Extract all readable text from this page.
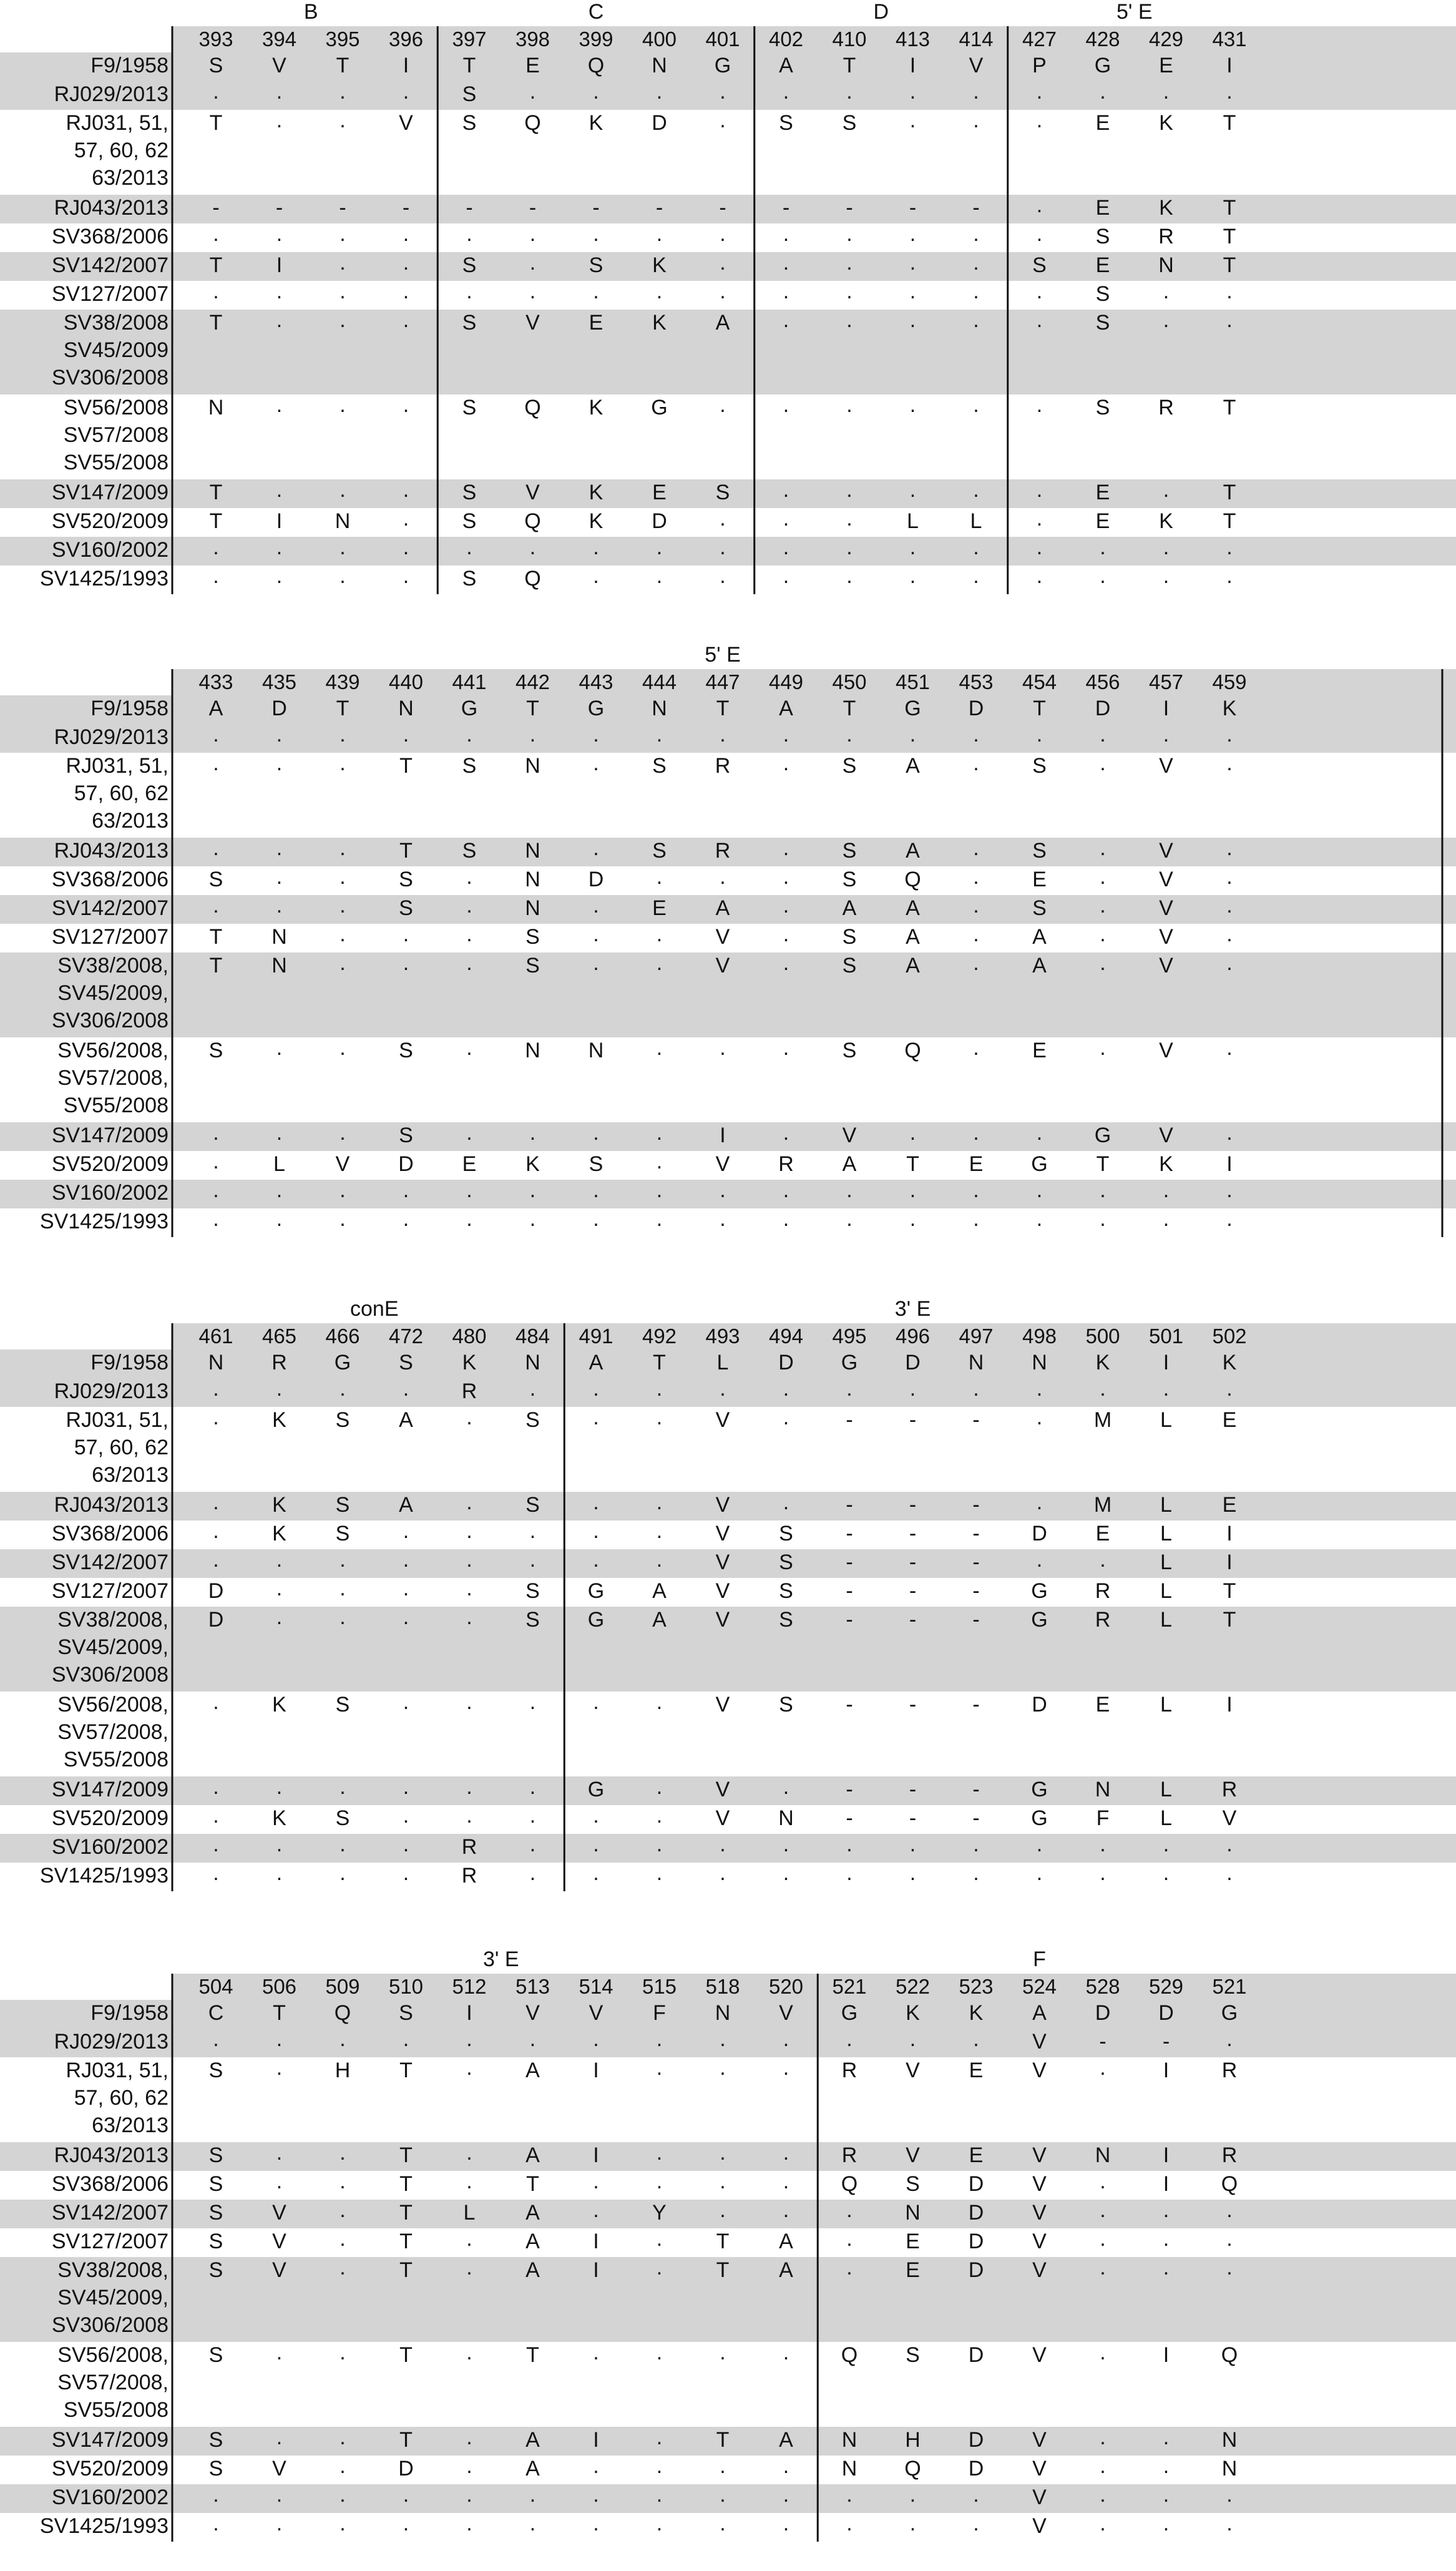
B	C	D	5' E
393 394 395 396 397 398 399 400 401 402 410 413 414 427 428 429 431
F9/1958 S V T	I	T E Q N G A T	I	V P G E	I
RJ029/2013 .	.	.	.	S	.	.	.	.	.	.	.	.	.	.	.	.
RJ031, 51,
57, 60, 62
63/2013
T	.	.	V S Q K D .	S S	.	.	.	E K T
RJ043/2013 -	-	-	-	-	-	-	-	-	-	-	-	-	.	E K T
SV368/2006 .	.	.	.	.	.	.	.	.	.	.	.	.	.	S R T
SV142/2007 T	I	.	.	S	.	S K	.	.	.	.	.	S E N T
SV127/2007 .	.	.	.	.	.	.	.	.	.	.	.	.	.	S	.	.
SV38/2008
SV45/2009
SV306/2008
T	.	.	.	S V E K A	.	.	.	.	.	S	.	.
SV56/2008
SV57/2008
SV55/2008
N .	.	.	S Q K G .	.	.	.	.	.	S R T
SV147/2009 T	.	.	.	S V K E S	.	.	.	.	.	E	.	T
SV520/2009 T	I N .	S Q K D .	.	.	L L	.	E K T
SV160/2002 .	.	.	.	.	.	.	.	.	.	.	.	.	.	.	.	.
SV1425/1993 .	.	.	.	S Q .	.	.	.	.	.	.	.	.	.	.
5' E
433 435 439 440 441 442 443 444 447 449 450 451 453 454 456 457 459
F9/1958 A D T N G T G N T A T G D T D I	K
RJ029/2013 .	.	.	.	.	.	.	.	.	.	.	.	.	.	.	.	.
RJ031, 51,
57, 60, 62
63/2013
.	.	.	T S N .	S R .	S A	.	S	.	V	.
RJ043/2013 .	.	.	T S N .	S R .	S A	.	S	.	V	.
SV368/2006 S	.	.	S	. N D .	.	.	S Q .	E	.	V	.
SV142/2007 .	.	.	S	. N .	E A	.	A A	.	S	.	V	.
SV127/2007 T N .	.	.	S	.	.	V	.	S A	.	A	.	V	.
SV38/2008,
SV45/2009,
SV306/2008
T N .	.	.	S	.	.	V	.	S A	.	A	.	V	.
SV56/2008,
SV57/2008,
SV55/2008
S	.	.	S	. N N .	.	.	S Q .	E	.	V	.
SV147/2009 .	.	.	S	.	.	.	.	I	.	V	.	.	. G V	.
SV520/2009 .	L V D E K S	.	V R A T E G T K	I
SV160/2002 .	.	.	.	.	.	.	.	.	.	.	.	.	.	.	.	.
SV1425/1993 .	.	.	.	.	.	.	.	.	.	.	.	.	.	.	.	.
conE	3' E
461 465 466 472 480 484 491 492 493 494 495 496 497 498 500 501 502
F9/1958 N R G S K N A T L D G D N N K	I	K
RJ029/2013 .	.	.	. R .	.	.	.	.	.	.	.	.	.	.	.
RJ031, 51,
57, 60, 62
63/2013
.	K S A	.	S	.	.	V	.	-	-	-	. M L E
RJ043/2013 .	K S A	.	S	.	.	V	.	-	-	-	. M L E
SV368/2006 .	K S	.	.	.	.	.	V S -	-	- D E L	I
SV142/2007 .	.	.	.	.	.	.	.	V S -	-	-	.	.	L	I
SV127/2007 D .	.	.	.	S G A V S -	-	- G R L T
SV38/2008,
SV45/2009,
SV306/2008
D .	.	.	.	S G A V S -	-	- G R L T
SV56/2008,
SV57/2008,
SV55/2008
.	K S	.	.	.	.	.	V S -	-	- D E L	I
SV147/2009 .	.	.	.	.	. G .	V	.	-	-	- G N L R
SV520/2009 .	K S	.	.	.	.	.	V N -	-	- G F L V
SV160/2002 .	.	.	. R .	.	.	.	.	.	.	.	.	.	.	.
SV1425/1993 .	.	.	. R .	.	.	.	.	.	.	.	.	.	.	.
3' E	F
504 506 509 510 512 513 514 515 518 520 521 522 523 524 528 529 521
F9/1958 C T Q S	I	V V F N V G K K A D D G
RJ029/2013 .	.	.	.	.	.	.	.	.	.	.	.	.	V -	-	.
RJ031, 51,
57, 60, 62
63/2013
S	. H T	.	A	I	.	.	. R V E V	.	I R
RJ043/2013 S	.	.	T	.	A	I	.	.	. R V E V N I R
SV368/2006 S	.	.	T	.	T	.	.	.	. Q S D V	.	I Q
SV142/2007 S V	.	T L A	.	Y	.	.	. N D V	.	.	.
SV127/2007 S V	.	T	.	A	I	.	T A	.	E D V	.	.	.
SV38/2008,
SV45/2009,
SV306/2008
S V	.	T	.	A	I	.	T A	.	E D V	.	.	.
SV56/2008,
SV57/2008,
SV55/2008
S	.	.	T	.	T	.	.	.	. Q S D V	.	I Q
SV147/2009 S	.	.	T	.	A	I	.	T A N H D V	.	. N
SV520/2009 S V	. D .	A	.	.	.	. N Q D V	.	. N
SV160/2002 .	.	.	.	.	.	.	.	.	.	.	.	.	V	.	.	.
SV1425/1993 .	.	.	.	.	.	.	.	.	.	.	.	.	V	.	.	.
